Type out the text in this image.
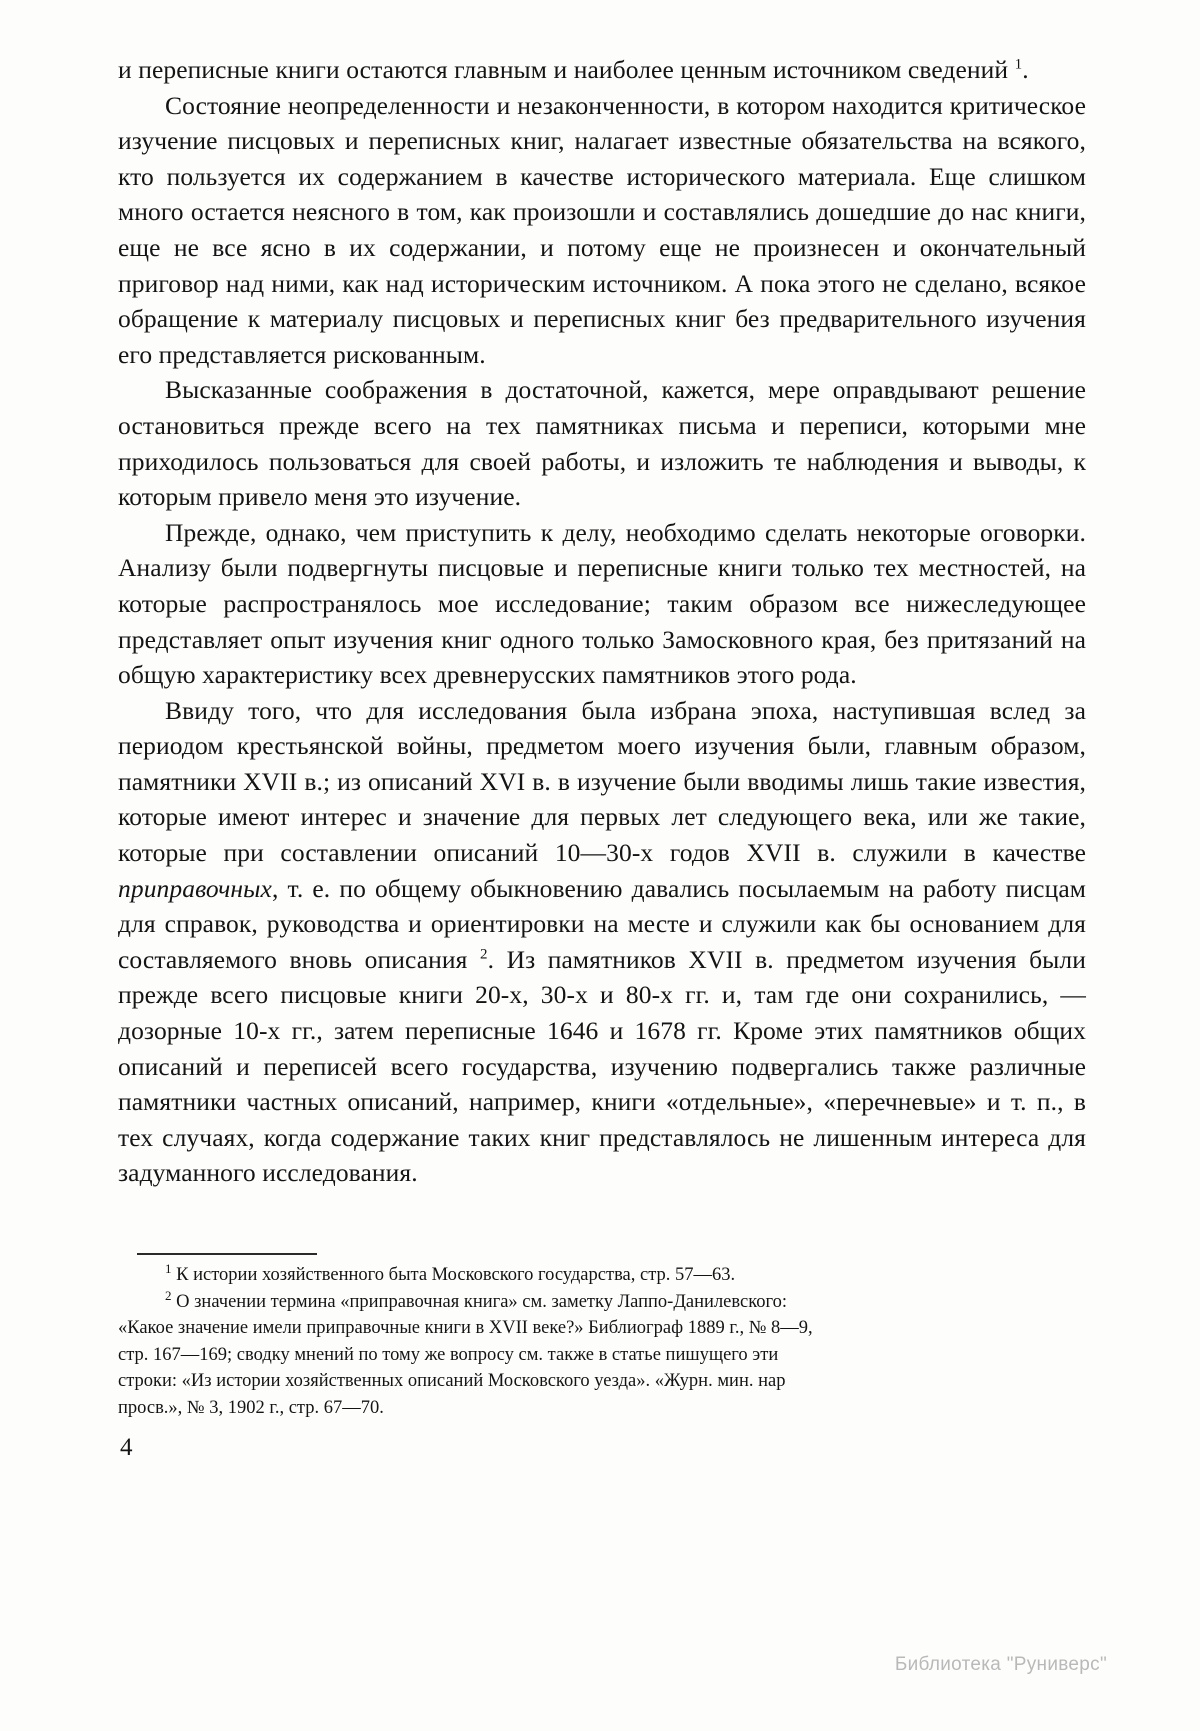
и переписные книги остаются главным и наиболее ценным источником сведений $^1$.

Состояние неопределенности и незаконченности, в котором находится критическое изучение писцовых и переписных книг, налагает известные обязательства на всякого, кто пользуется их содержанием в качестве исторического материала. Еще слишком много остается неясного в том, как произошли и составлялись дошедшие до нас книги, еще не все ясно в их содержании, и потому еще не произнесен и окончательный приговор над ними, как над историческим источником. А пока этого не сделано, всякое обращение к материалу писцовых и переписных книг без предварительного изучения его представляется рискованным.

Высказанные соображения в достаточной, кажется, мере оправдывают решение остановиться прежде всего на тех памятниках письма и переписи, которыми мне приходилось пользоваться для своей работы, и изложить те наблюдения и выводы, к которым привело меня это изучение.

Прежде, однако, чем приступить к делу, необходимо сделать некоторые оговорки. Анализу были подвергнуты писцовые и переписные книги только тех местностей, на которые распространялось мое исследование; таким образом все нижеследующее представляет опыт изучения книг одного только Замосковного края, без притязаний на общую характеристику всех древнерусских памятников этого рода.

Ввиду того, что для исследования была избрана эпоха, наступившая вслед за периодом крестьянской войны, предметом моего изучения были, главным образом, памятники XVII в.; из описаний XVI в. в изучение были вводимы лишь такие известия, которые имеют интерес и значение для первых лет следующего века, или же такие, которые при составлении описаний 10—30-х годов XVII в. служили в качестве приправочных, т. е. по общему обыкновению давались посылаемым на работу писцам для справок, руководства и ориентировки на месте и служили как бы основанием для составляемого вновь описания $^2$. Из памятников XVII в. предметом изучения были прежде всего писцовые книги 20-х, 30-х и 80-х гг. и, там где они сохранились, — дозорные 10-х гг., затем переписные 1646 и 1678 гг. Кроме этих памятников общих описаний и переписей всего государства, изучению подвергались также различные памятники частных описаний, например, книги «отдельные», «перечневые» и т. п., в тех случаях, когда содержание таких книг представлялось не лишенным интереса для задуманного исследования.

$^1$ К истории хозяйственного быта Московского государства, стр. 57—63.

$^2$ О значении термина «приправочная книга» см. заметку Лаппо-Данилевского:

«Какое значение имели приправочные книги в XVII веке?» Библиограф 1889 г., № 8—9,

стр. 167—169; сводку мнений по тому же вопросу см. также в статье пишущего эти

строки: «Из истории хозяйственных описаний Московского уезда». «Журн. мин. нар

просв.», № 3, 1902 г., стр. 67—70.

4
Библиотека "Руниверс"
